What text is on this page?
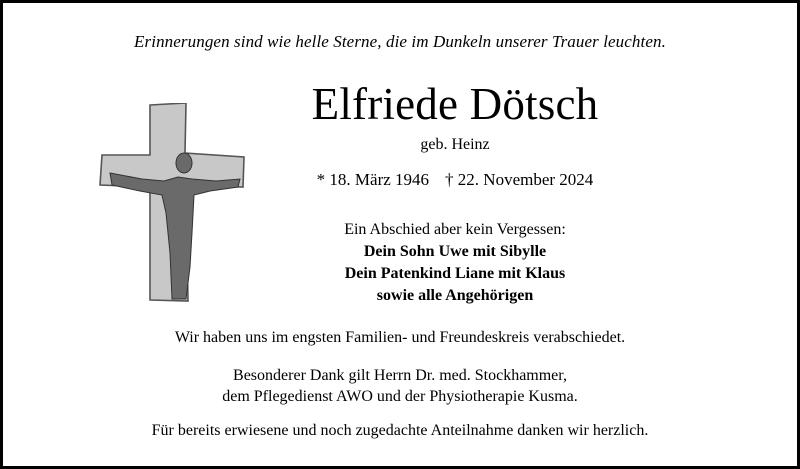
Erinnerungen sind wie helle Sterne, die im Dunkeln unserer Trauer leuchten.
Elfriede Dötsch
geb. Heinz
* 18. März 1946 † 22. November 2024
Ein Abschied aber kein Vergessen:
Dein Sohn Uwe mit Sibylle
Dein Patenkind Liane mit Klaus
sowie alle Angehörigen
Wir haben uns im engsten Familien- und Freundeskreis verabschiedet.
Besonderer Dank gilt Herrn Dr. med. Stockhammer,
dem Pflegedienst AWO und der Physiotherapie Kusma.
Für bereits erwiesene und noch zugedachte Anteilnahme danken wir herzlich.
